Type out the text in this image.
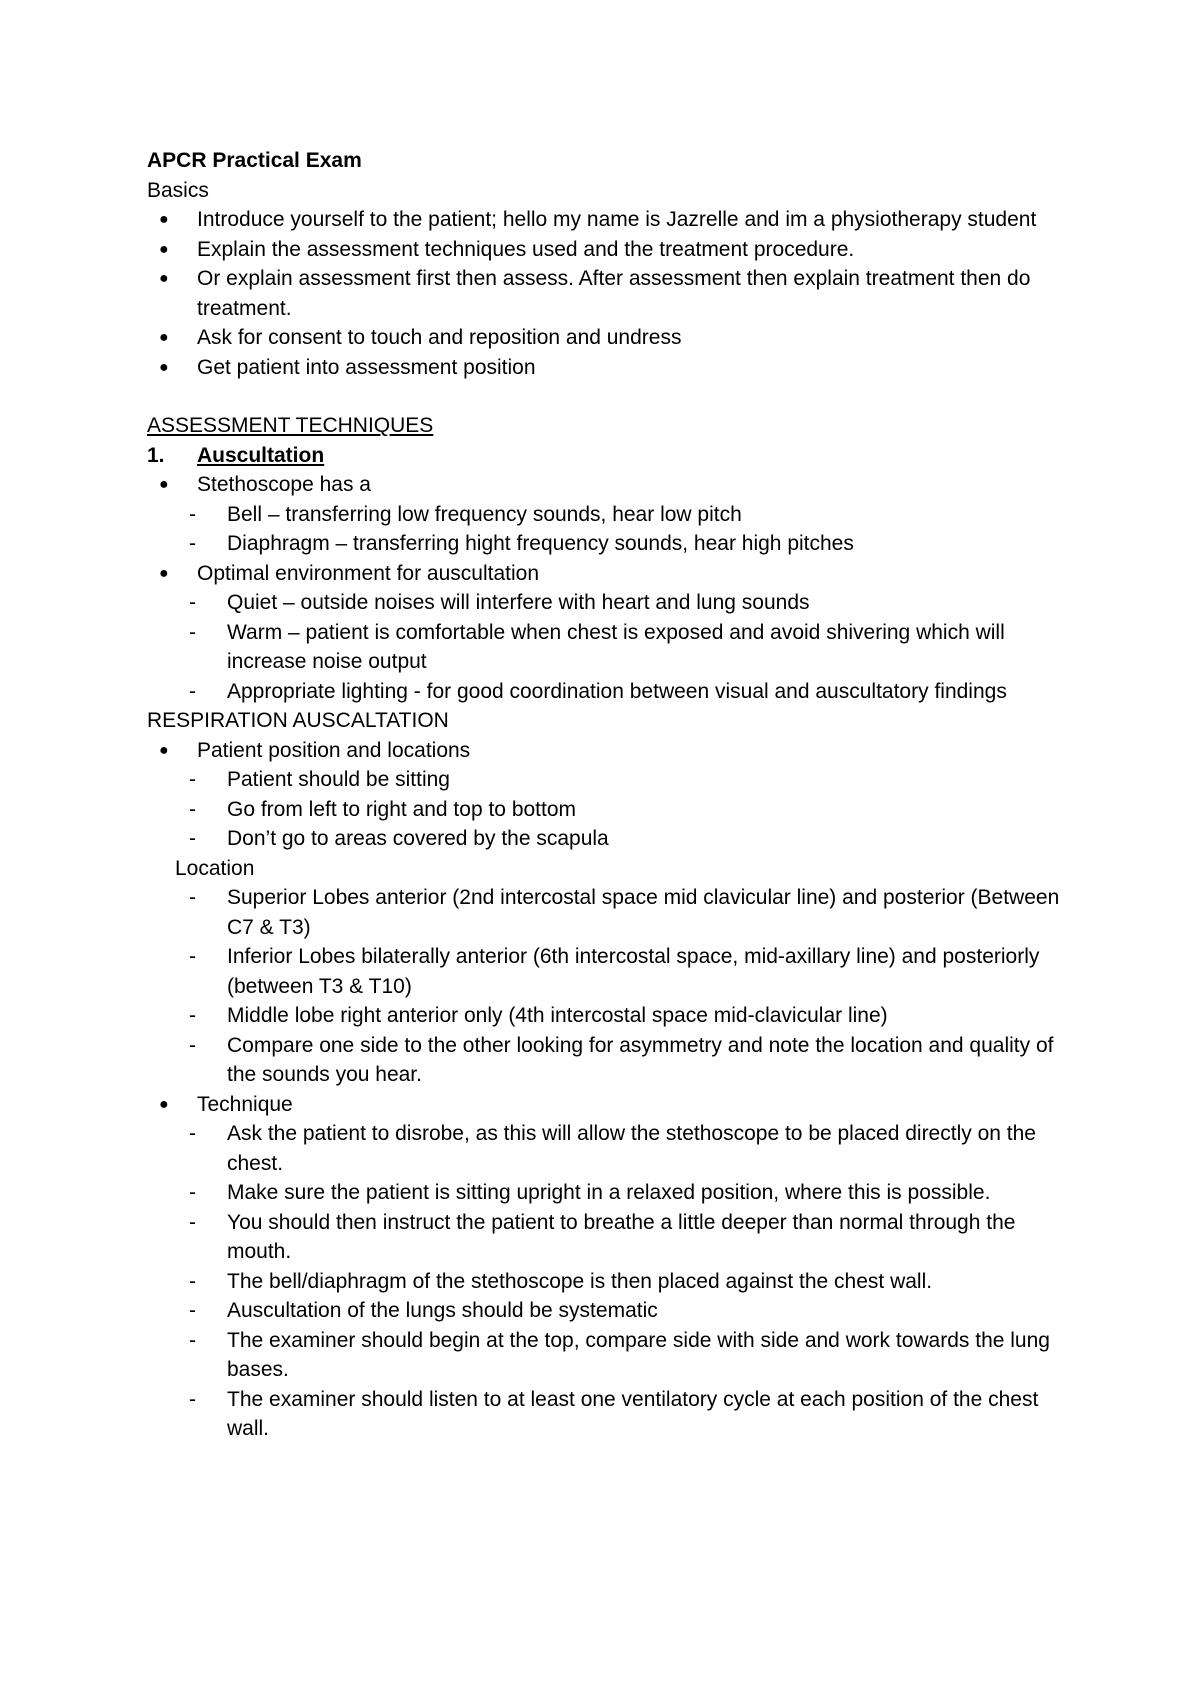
APCR Practical Exam
Basics
● Introduce yourself to the patient; hello my name is Jazrelle and im a physiotherapy student
● Explain the assessment techniques used and the treatment procedure.
● Or explain assessment first then assess. After assessment then explain treatment then do treatment.
● Ask for consent to touch and reposition and undress
● Get patient into assessment position
ASSESSMENT TECHNIQUES
1. Auscultation
● Stethoscope has a
- Bell – transferring low frequency sounds, hear low pitch
- Diaphragm – transferring hight frequency sounds, hear high pitches
● Optimal environment for auscultation
- Quiet – outside noises will interfere with heart and lung sounds
- Warm – patient is comfortable when chest is exposed and avoid shivering which will increase noise output
- Appropriate lighting - for good coordination between visual and auscultatory findings
RESPIRATION AUSCALTATION
● Patient position and locations
- Patient should be sitting
- Go from left to right and top to bottom
- Don’t go to areas covered by the scapula
Location
- Superior Lobes anterior (2nd intercostal space mid clavicular line) and posterior (Between C7 & T3)
- Inferior Lobes bilaterally anterior (6th intercostal space, mid-axillary line) and posteriorly (between T3 & T10)
- Middle lobe right anterior only (4th intercostal space mid-clavicular line)
- Compare one side to the other looking for asymmetry and note the location and quality of the sounds you hear.
● Technique
- Ask the patient to disrobe, as this will allow the stethoscope to be placed directly on the chest.
- Make sure the patient is sitting upright in a relaxed position, where this is possible.
- You should then instruct the patient to breathe a little deeper than normal through the mouth.
- The bell/diaphragm of the stethoscope is then placed against the chest wall.
- Auscultation of the lungs should be systematic
- The examiner should begin at the top, compare side with side and work towards the lung bases.
- The examiner should listen to at least one ventilatory cycle at each position of the chest wall.
